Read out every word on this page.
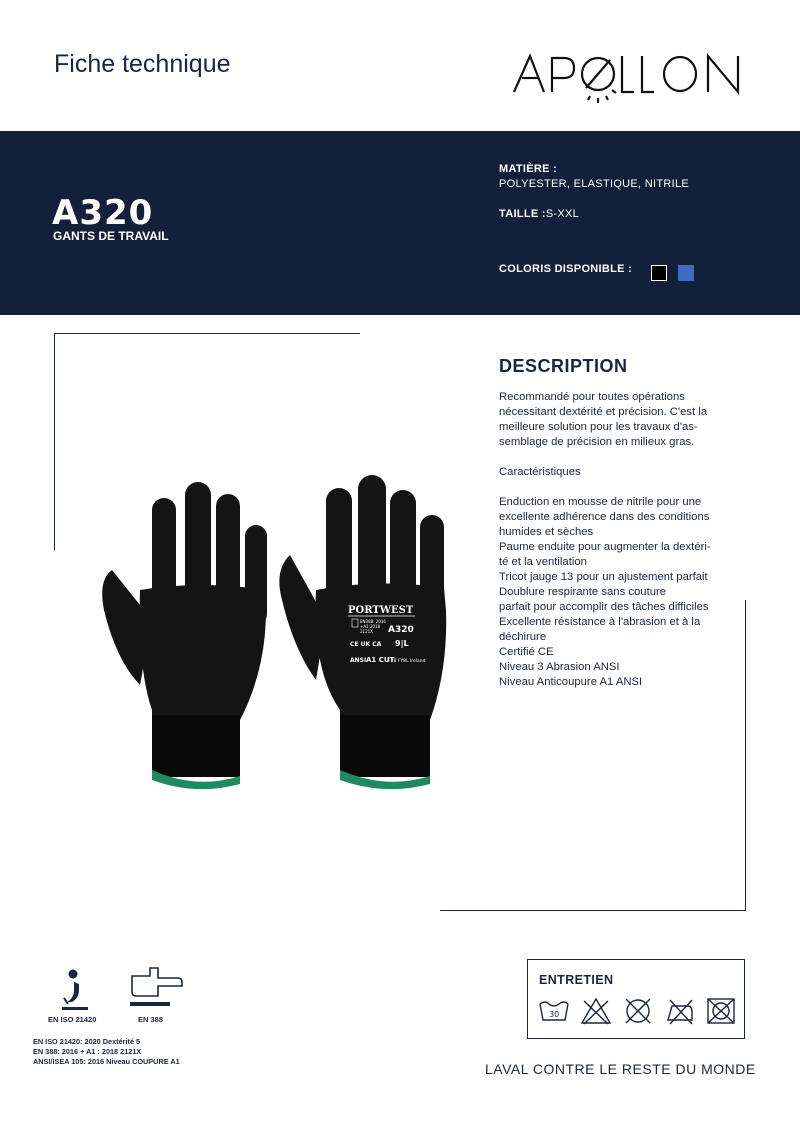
Fiche technique
A320
GANTS DE TRAVAIL
MATIÈRE :
POLYESTER, ELASTIQUE, NITRILE
TAILLE :S-XXL
COLORIS DISPONIBLE :
PORTWEST
EN388: 2016
+A1:2018
2121X A320
CE UK CA 9|L
ANSI A1 CUT
F28 FY8L Ireland
DESCRIPTION

Recommandé pour toutes opérations

nécessitant dextérité et précision. C'est la

meilleure solution pour les travaux d'as-

semblage de précision en milieux gras.

Caractéristiques

Enduction en mousse de nitrile pour une

excellente adhérence dans des conditions

humides et sèches

Paume enduite pour augmenter la dextéri-

té et la ventilation

Tricot jauge 13 pour un ajustement parfait

Doublure respirante sans couture

parfait pour accomplir des tâches difficiles

Excellente résistance à l'abrasion et à la

déchirure

Certifié CE

Niveau 3 Abrasion ANSI

Niveau Anticoupure A1 ANSI

EN ISO 21420	EN 388
EN ISO 21420: 2020 Dextérité 5
EN 388: 2016 + A1 : 2018 2121X
ANSI/ISEA 105: 2016 Niveau COUPURE A1
ENTRETIEN
30
LAVAL CONTRE LE RESTE DU MONDE
